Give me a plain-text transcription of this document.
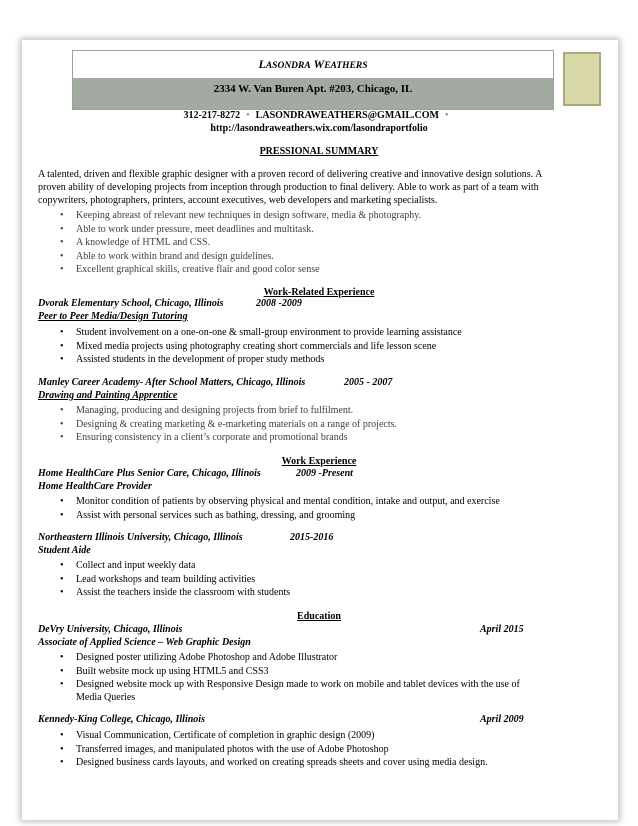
LASONDRA WEATHERS
2334 W. Van Buren Apt. #203, Chicago, IL
312-217-8272 • LASONDRAWEATHERS@GMAIL.COM •
http://lasondraweathers.wix.com/lasondraportfolio
PRESSIONAL SUMMARY
A talented, driven and flexible graphic designer with a proven record of delivering creative and innovative design solutions. A
proven ability of developing projects from inception through production to final delivery. Able to work as part of a team with
copywriters, photographers, printers, account executives, web developers and marketing specialists.
• Keeping abreast of relevant new techniques in design software, media & photography.
• Able to work under pressure, meet deadlines and multitask.
• A knowledge of HTML and CSS.
• Able to work within brand and design guidelines.
• Excellent graphical skills, creative flair and good color sense
Work-Related Experience
Dvorak Elementary School, Chicago, Illinois	2008 -2009
Peer to Peer Media/Design Tutoring
• Student involvement on a one-on-one & small-group environment to provide learning assistance
• Mixed media projects using photography creating short commercials and life lesson scene
• Assisted students in the development of proper study methods
Manley Career Academy- After School Matters, Chicago, Illinois	2005 - 2007
Drawing and Painting Apprentice
• Managing, producing and designing projects from brief to fulfilment.
• Designing & creating marketing & e-marketing materials on a range of projects.
• Ensuring consistency in a client’s corporate and promotional brands
Work Experience
Home HealthCare Plus Senior Care, Chicago, Illinois	2009 -Present
Home HealthCare Provider
• Monitor condition of patients by observing physical and mental condition, intake and output, and exercise
• Assist with personal services such as bathing, dressing, and grooming
Northeastern Illinois University, Chicago, Illinois	2015-2016
Student Aide
• Collect and input weekly data
• Lead workshops and team building activities
• Assist the teachers inside the classroom with students
Education
DeVry University, Chicago, Illinois	April 2015
Associate of Applied Science – Web Graphic Design
• Designed poster utilizing Adobe Photoshop and Adobe Illustrator
• Built website mock up using HTML5 and CSS3
• Designed website mock up with Responsive Design made to work on mobile and tablet devices with the use of
Media Queries
Kennedy-King College, Chicago, Illinois	April 2009
• Visual Communication, Certificate of completion in graphic design (2009)
• Transferred images, and manipulated photos with the use of Adobe Photoshop
• Designed business cards layouts, and worked on creating spreads sheets and cover using media design.
